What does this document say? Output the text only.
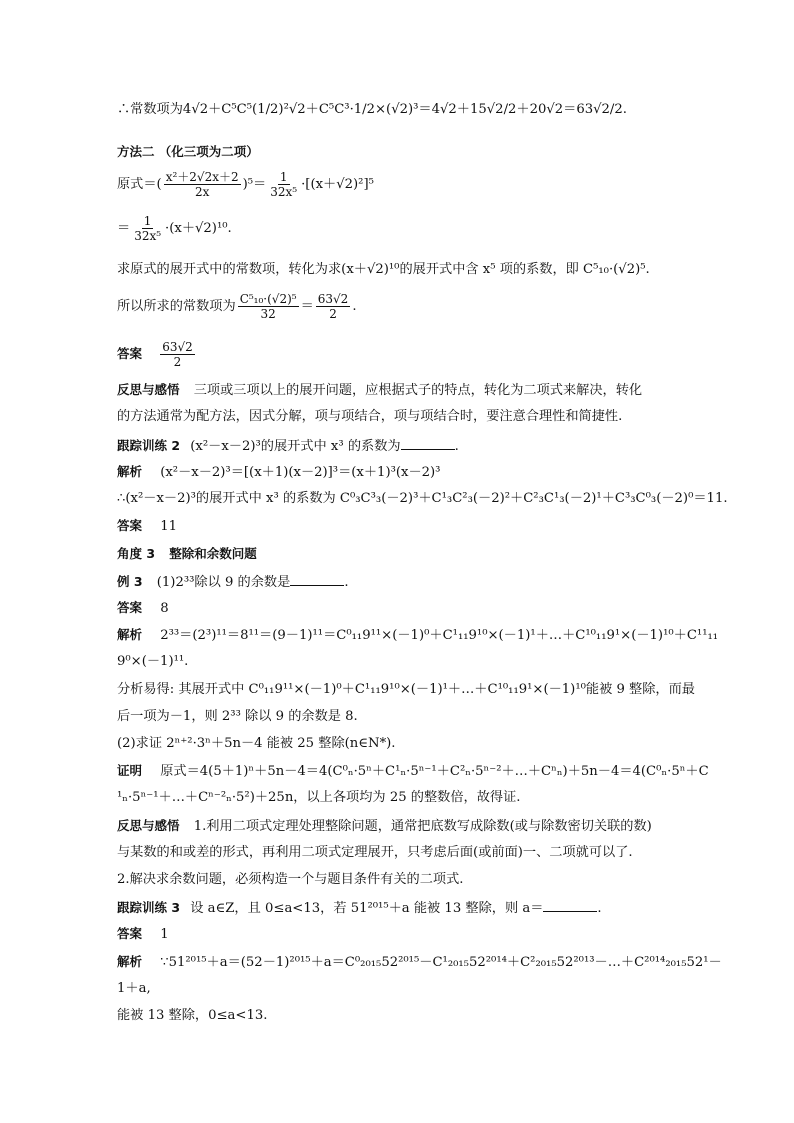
∴常数项为4√2＋C⁵C⁵(1/2)²√2＋C⁵C³·1/2×(√2)³＝4√2＋15√2/2＋20√2＝63√2/2.
方法二 （化三项为二项）
原式＝( $\frac{\text{x²＋2√2x＋2}}{2x} )^5= \frac{1}{\text{32x⁵}} \cdot[(x+√2)^2]^5$
＝ $\frac{1}{\text{32x⁵}} \cdot(x+√2)^{10}$.
求原式的展开式中的常数项，转化为求(x＋√2)¹⁰的展开式中含 x⁵ 项的系数，即 C⁵₁₀·(√2)⁵.
所以所求的常数项为 $\frac{\text{C⁵₁₀·(√2)⁵}}{32} = \frac{63√2}{2}$ .
答案 $\frac{63√2}{2}$
反思与感悟 三项或三项以上的展开问题，应根据式子的特点，转化为二项式来解决，转化
的方法通常为配方法，因式分解，项与项结合，项与项结合时，要注意合理性和简捷性.
跟踪训练 2 (x²－x－2)³的展开式中 x³ 的系数为	.
解析 (x²－x－2)³＝[(x＋1)(x－2)]³＝(x＋1)³(x－2)³
∴(x²－x－2)³的展开式中 x³ 的系数为 C⁰₃C³₃(－2)³＋C¹₃C²₃(－2)²＋C²₃C¹₃(－2)¹＋C³₃C⁰₃(－2)⁰＝11.
答案 11
角度 3 整除和余数问题
例 3 (1)2³³除以 9 的余数是	.
答案 8
解析 2³³＝(2³)¹¹＝8¹¹＝(9－1)¹¹＝C⁰₁₁9¹¹×(－1)⁰＋C¹₁₁9¹⁰×(－1)¹＋…＋C¹⁰₁₁9¹×(－1)¹⁰＋C¹¹₁₁
9⁰×(－1)¹¹.
分析易得: 其展开式中 C⁰₁₁9¹¹×(－1)⁰＋C¹₁₁9¹⁰×(－1)¹＋…＋C¹⁰₁₁9¹×(－1)¹⁰能被 9 整除，而最
后一项为－1，则 2³³ 除以 9 的余数是 8.
(2)求证 2ⁿ⁺²·3ⁿ＋5n－4 能被 25 整除(n∈N*).
证明 原式＝4(5＋1)ⁿ＋5n－4＝4(C⁰ₙ·5ⁿ＋C¹ₙ·5ⁿ⁻¹＋C²ₙ·5ⁿ⁻²＋…＋Cⁿₙ)＋5n－4＝4(C⁰ₙ·5ⁿ＋C
¹ₙ·5ⁿ⁻¹＋…＋Cⁿ⁻²ₙ·5²)＋25n，以上各项均为 25 的整数倍，故得证.
反思与感悟 1.利用二项式定理处理整除问题，通常把底数写成除数(或与除数密切关联的数)
与某数的和或差的形式，再利用二项式定理展开，只考虑后面(或前面)一、二项就可以了.
2.解决求余数问题，必须构造一个与题目条件有关的二项式.
跟踪训练 3 设 a∈Z，且 0≤a<13，若 51²⁰¹⁵＋a 能被 13 整除，则 a＝	.
答案 1
解析 ∵51²⁰¹⁵＋a＝(52－1)²⁰¹⁵＋a＝C⁰₂₀₁₅52²⁰¹⁵－C¹₂₀₁₅52²⁰¹⁴＋C²₂₀₁₅52²⁰¹³－…＋C²⁰¹⁴₂₀₁₅52¹－
1＋a,
能被 13 整除，0≤a<13.
